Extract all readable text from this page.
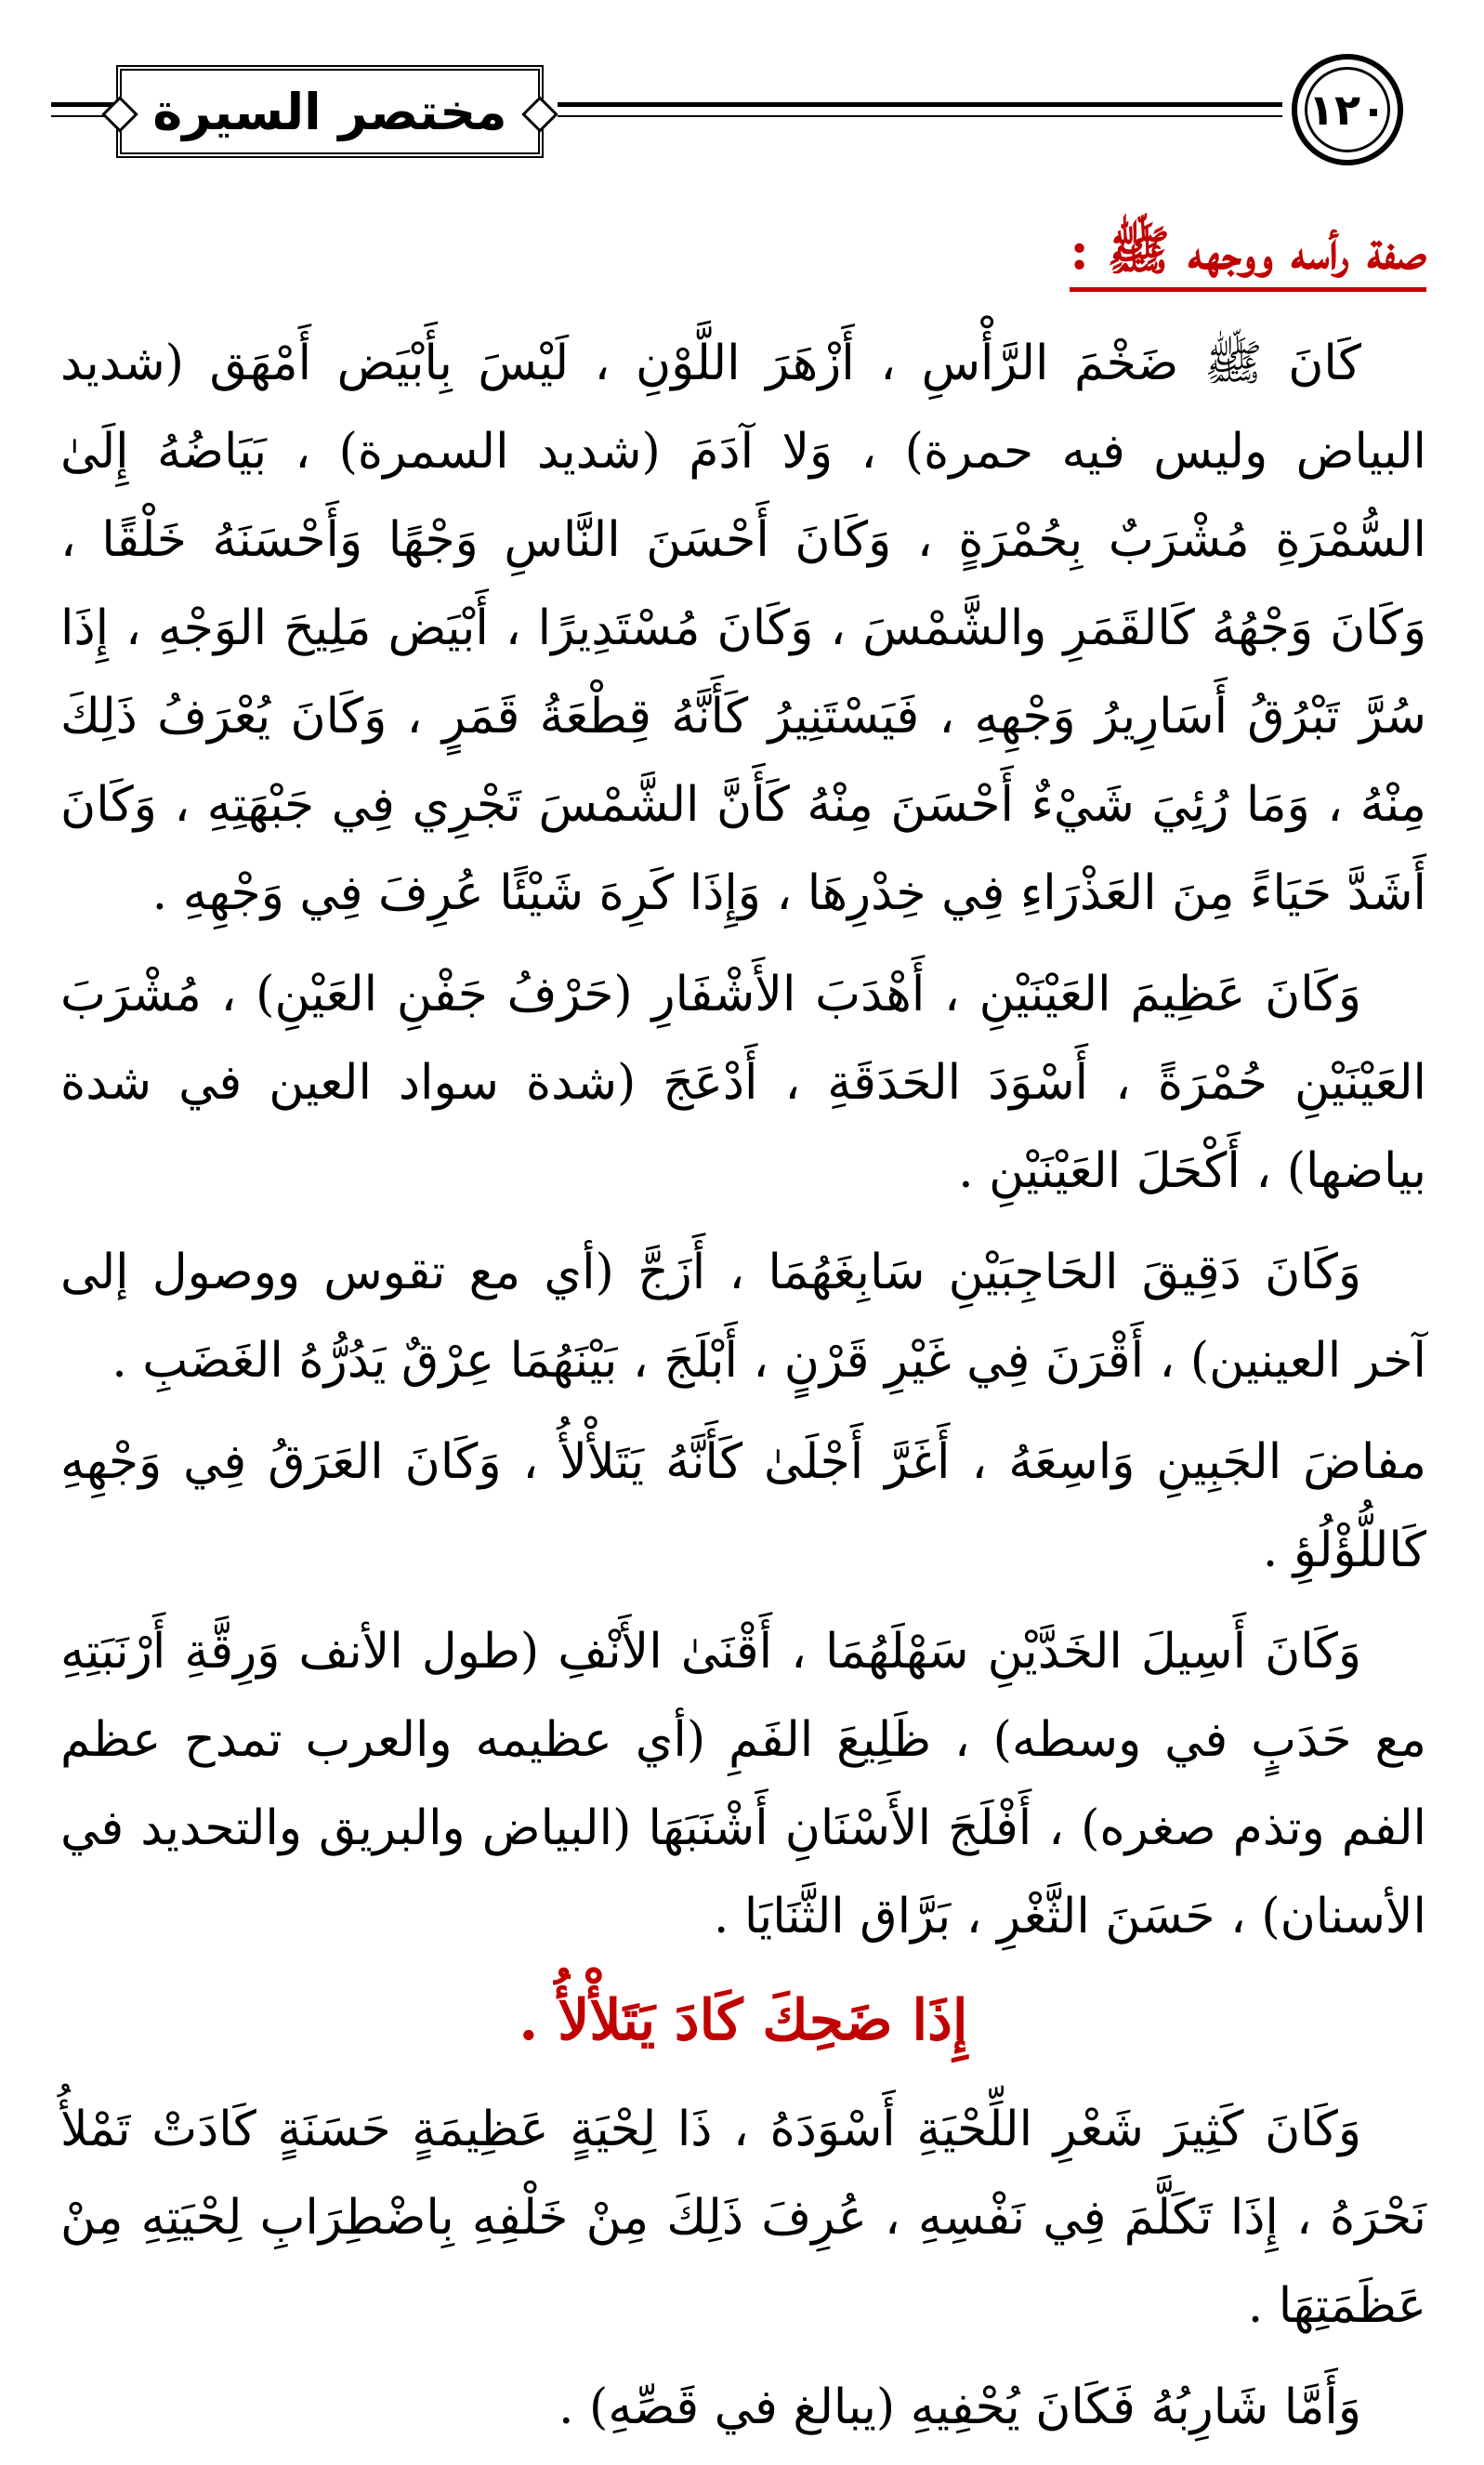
مختصر السيرة	١٢٠
صفة رأسه ووجهه ﷺ :

كَانَ ﷺ ضَخْمَ الرَّأْسِ ، أَزْهَرَ اللَّوْنِ ، لَيْسَ بِأَبْيَض أَمْهَق (شديد البياض وليس فيه حمرة) ، وَلا آدَمَ (شديد السمرة) ، بَيَاضُهُ إِلَىٰ السُّمْرَةِ مُشْرَبٌ بِحُمْرَةٍ ، وَكَانَ أَحْسَنَ النَّاسِ وَجْهًا وَأَحْسَنَهُ خَلْقًا ، وَكَانَ وَجْهُهُ كَالقَمَرِ والشَّمْسَ ، وَكَانَ مُسْتَدِيرًا ، أَبْيَض مَلِيحَ الوَجْهِ ، إِذَا سُرَّ تَبْرُقُ أَسَارِيرُ وَجْهِهِ ، فَيَسْتَنِيرُ كَأَنَّهُ قِطْعَةُ قَمَرٍ ، وَكَانَ يُعْرَفُ ذَلِكَ مِنْهُ ، وَمَا رُئِيَ شَيْءٌ أَحْسَنَ مِنْهُ كَأَنَّ الشَّمْسَ تَجْرِي فِي جَبْهَتِهِ ، وَكَانَ أَشَدَّ حَيَاءً مِنَ العَذْرَاءِ فِي خِدْرِهَا ، وَإِذَا كَرِهَ شَيْئًا عُرِفَ فِي وَجْهِهِ .

وَكَانَ عَظِيمَ العَيْنَيْنِ ، أَهْدَبَ الأَشْفَارِ (حَرْفُ جَفْنِ العَيْنِ) ، مُشْرَبَ العَيْنَيْنِ حُمْرَةً ، أَسْوَدَ الحَدَقَةِ ، أَدْعَجَ (شدة سواد العين في شدة بياضها) ، أَكْحَلَ العَيْنَيْنِ .

وَكَانَ دَقِيقَ الحَاجِبَيْنِ سَابِغَهُمَا ، أَزَجَّ (أي مع تقوس ووصول إلى آخر العينين) ، أَقْرَنَ فِي غَيْرِ قَرْنٍ ، أَبْلَجَ ، بَيْنَهُمَا عِرْقٌ يَدُرُّهُ الغَضَبِ .

مفاضَ الجَبِينِ وَاسِعَهُ ، أَغَرَّ أَجْلَىٰ كَأَنَّهُ يَتَلأْلأُ ، وَكَانَ العَرَقُ فِي وَجْهِهِ كَاللُّؤْلُؤِ .

وَكَانَ أَسِيلَ الخَدَّيْنِ سَهْلَهُمَا ، أَقْنَىٰ الأَنْفِ (طول الأنف وَرِقَّةِ أَرْنَبَتِهِ مع حَدَبٍ في وسطه) ، ظَلِيعَ الفَمِ (أي عظيمه والعرب تمدح عظم الفم وتذم صغره) ، أَفْلَجَ الأَسْنَانِ أَشْنَبَهَا (البياض والبريق والتحديد في الأسنان) ، حَسَنَ الثَّغْرِ ، بَرَّاق الثَّنَايَا .

إِذَا ضَحِكَ كَادَ يَتَلأْلأُ .

وَكَانَ كَثِيرَ شَعْرِ اللِّحْيَةِ أَسْوَدَهُ ، ذَا لِحْيَةٍ عَظِيمَةٍ حَسَنَةٍ كَادَتْ تَمْلأُ نَحْرَهُ ، إِذَا تَكَلَّمَ فِي نَفْسِهِ ، عُرِفَ ذَلِكَ مِنْ خَلْفِهِ بِاضْطِرَابِ لِحْيَتِهِ مِنْ عَظَمَتِهَا .

وَأَمَّا شَارِبُهُ فَكَانَ يُحْفِيهِ (يبالغ في قَصِّهِ) .
